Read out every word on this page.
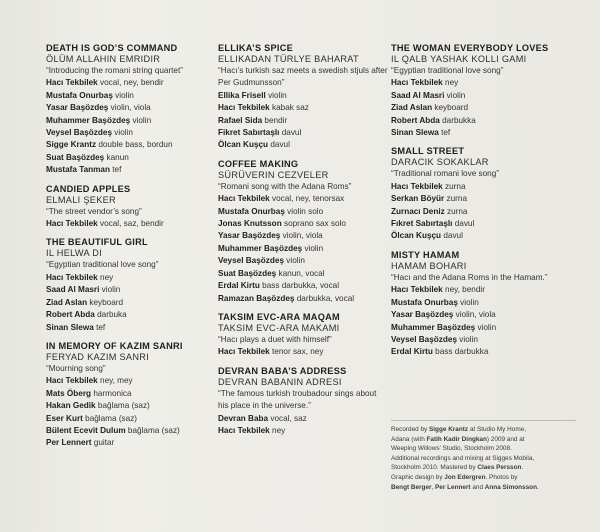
DEATH IS GOD’S COMMAND
ÖLÜM ALLAHIN EMRIDIR
“Introducing the romani string quartet”
Hacı Tekbilek vocal, ney, bendir
Mustafa Onurbaş violin
Yasar Başözdeş violin, viola
Muhammer Başözdeş violin
Veysel Başözdeş violin
Sigge Krantz double bass, bordun
Suat Başözdeş kanun
Mustafa Tanman tef
CANDIED APPLES
ELMALI ŞEKER
“The street vendor’s song”
Hacı Tekbilek vocal, saz, bendir
THE BEAUTIFUL GIRL
IL HELWA DI
“Egyptian traditional love song”
Hacı Tekbilek ney
Saad Al Masri violin
Ziad Aslan keyboard
Robert Abda darbuka
Sinan Slewa tef
IN MEMORY OF KAZIM SANRI
FERYAD KAZIM SANRI
“Mourning song”
Hacı Tekbilek ney, mey
Mats Öberg harmonica
Hakan Gedik bağlama (saz)
Eser Kurt bağlama (saz)
Bülent Ecevit Dulum bağlama (saz)
Per Lennert guitar
ELLIKA’S SPICE
ELLIKADAN TÜRLYE BAHARAT
“Hacı’s turkish saz meets a swedish stjuls after Per Gudmunsson”
Ellika Frisell violin
Hacı Tekbilek kabak saz
Rafael Sida bendir
Fikret Sabırtaşlı davul
Ölcan Kuşçu davul
COFFEE MAKING
SÜRÜVERIN CEZVELER
“Romani song with the Adana Roms”
Hacı Tekbilek vocal, ney, tenorsax
Mustafa Onurbaş violin solo
Jonas Knutsson soprano sax solo
Yasar Başözdeş violin, viola
Muhammer Başözdeş violin
Veysel Başözdeş violin
Suat Başözdeş kanun, vocal
Erdal Kirtu bass darbukka, vocal
Ramazan Başözdeş darbukka, vocal
TAKSIM EVC-ARA MAQAM
TAKSIM EVC-ARA MAKAMI
“Hacı plays a duet with himself”
Hacı Tekbilek tenor sax, ney
DEVRAN BABA’S ADDRESS
DEVRAN BABANIN ADRESI
“The famous turkish troubadour sings about his place in the universe.”
Devran Baba vocal, saz
Hacı Tekbilek ney
THE WOMAN EVERYBODY LOVES
IL QALB YASHAK KOLLI GAMI
“Egyptian traditional love song”
Hacı Tekbilek ney
Saad Al Masri violin
Ziad Aslan keyboard
Robert Abda darbukka
Sinan Slewa tef
SMALL STREET
DARACIK SOKAKLAR
“Traditional romani love song”
Hacı Tekbilek zurna
Serkan Böyür zurna
Zurnacı Deniz zurna
Fıkret Sabırtaşlı davul
Ölcan Kuşçu davul
MISTY HAMAM
HAMAM BOHARI
“Hacı and the Adana Roms in the Hamam.”
Hacı Tekbilek ney, bendir
Mustafa Onurbaş violin
Yasar Başözdeş violin, viola
Muhammer Başözdeş violin
Veysel Başözdeş violin
Erdal Kirtu bass darbukka
Recorded by Sigge Krantz at Studio My Home,
Adana (with Fatih Kadir Dingkan) 2009 and at
Weeping Willows’ Studio, Stockholm 2008.
Additional recordings and mixing at Sigges Mobila,
Stockholm 2010. Mastered by Claes Persson.
Graphic design by Jon Edergren. Photos by
Bengt Berger, Per Lennert and Anna Simonsson.
